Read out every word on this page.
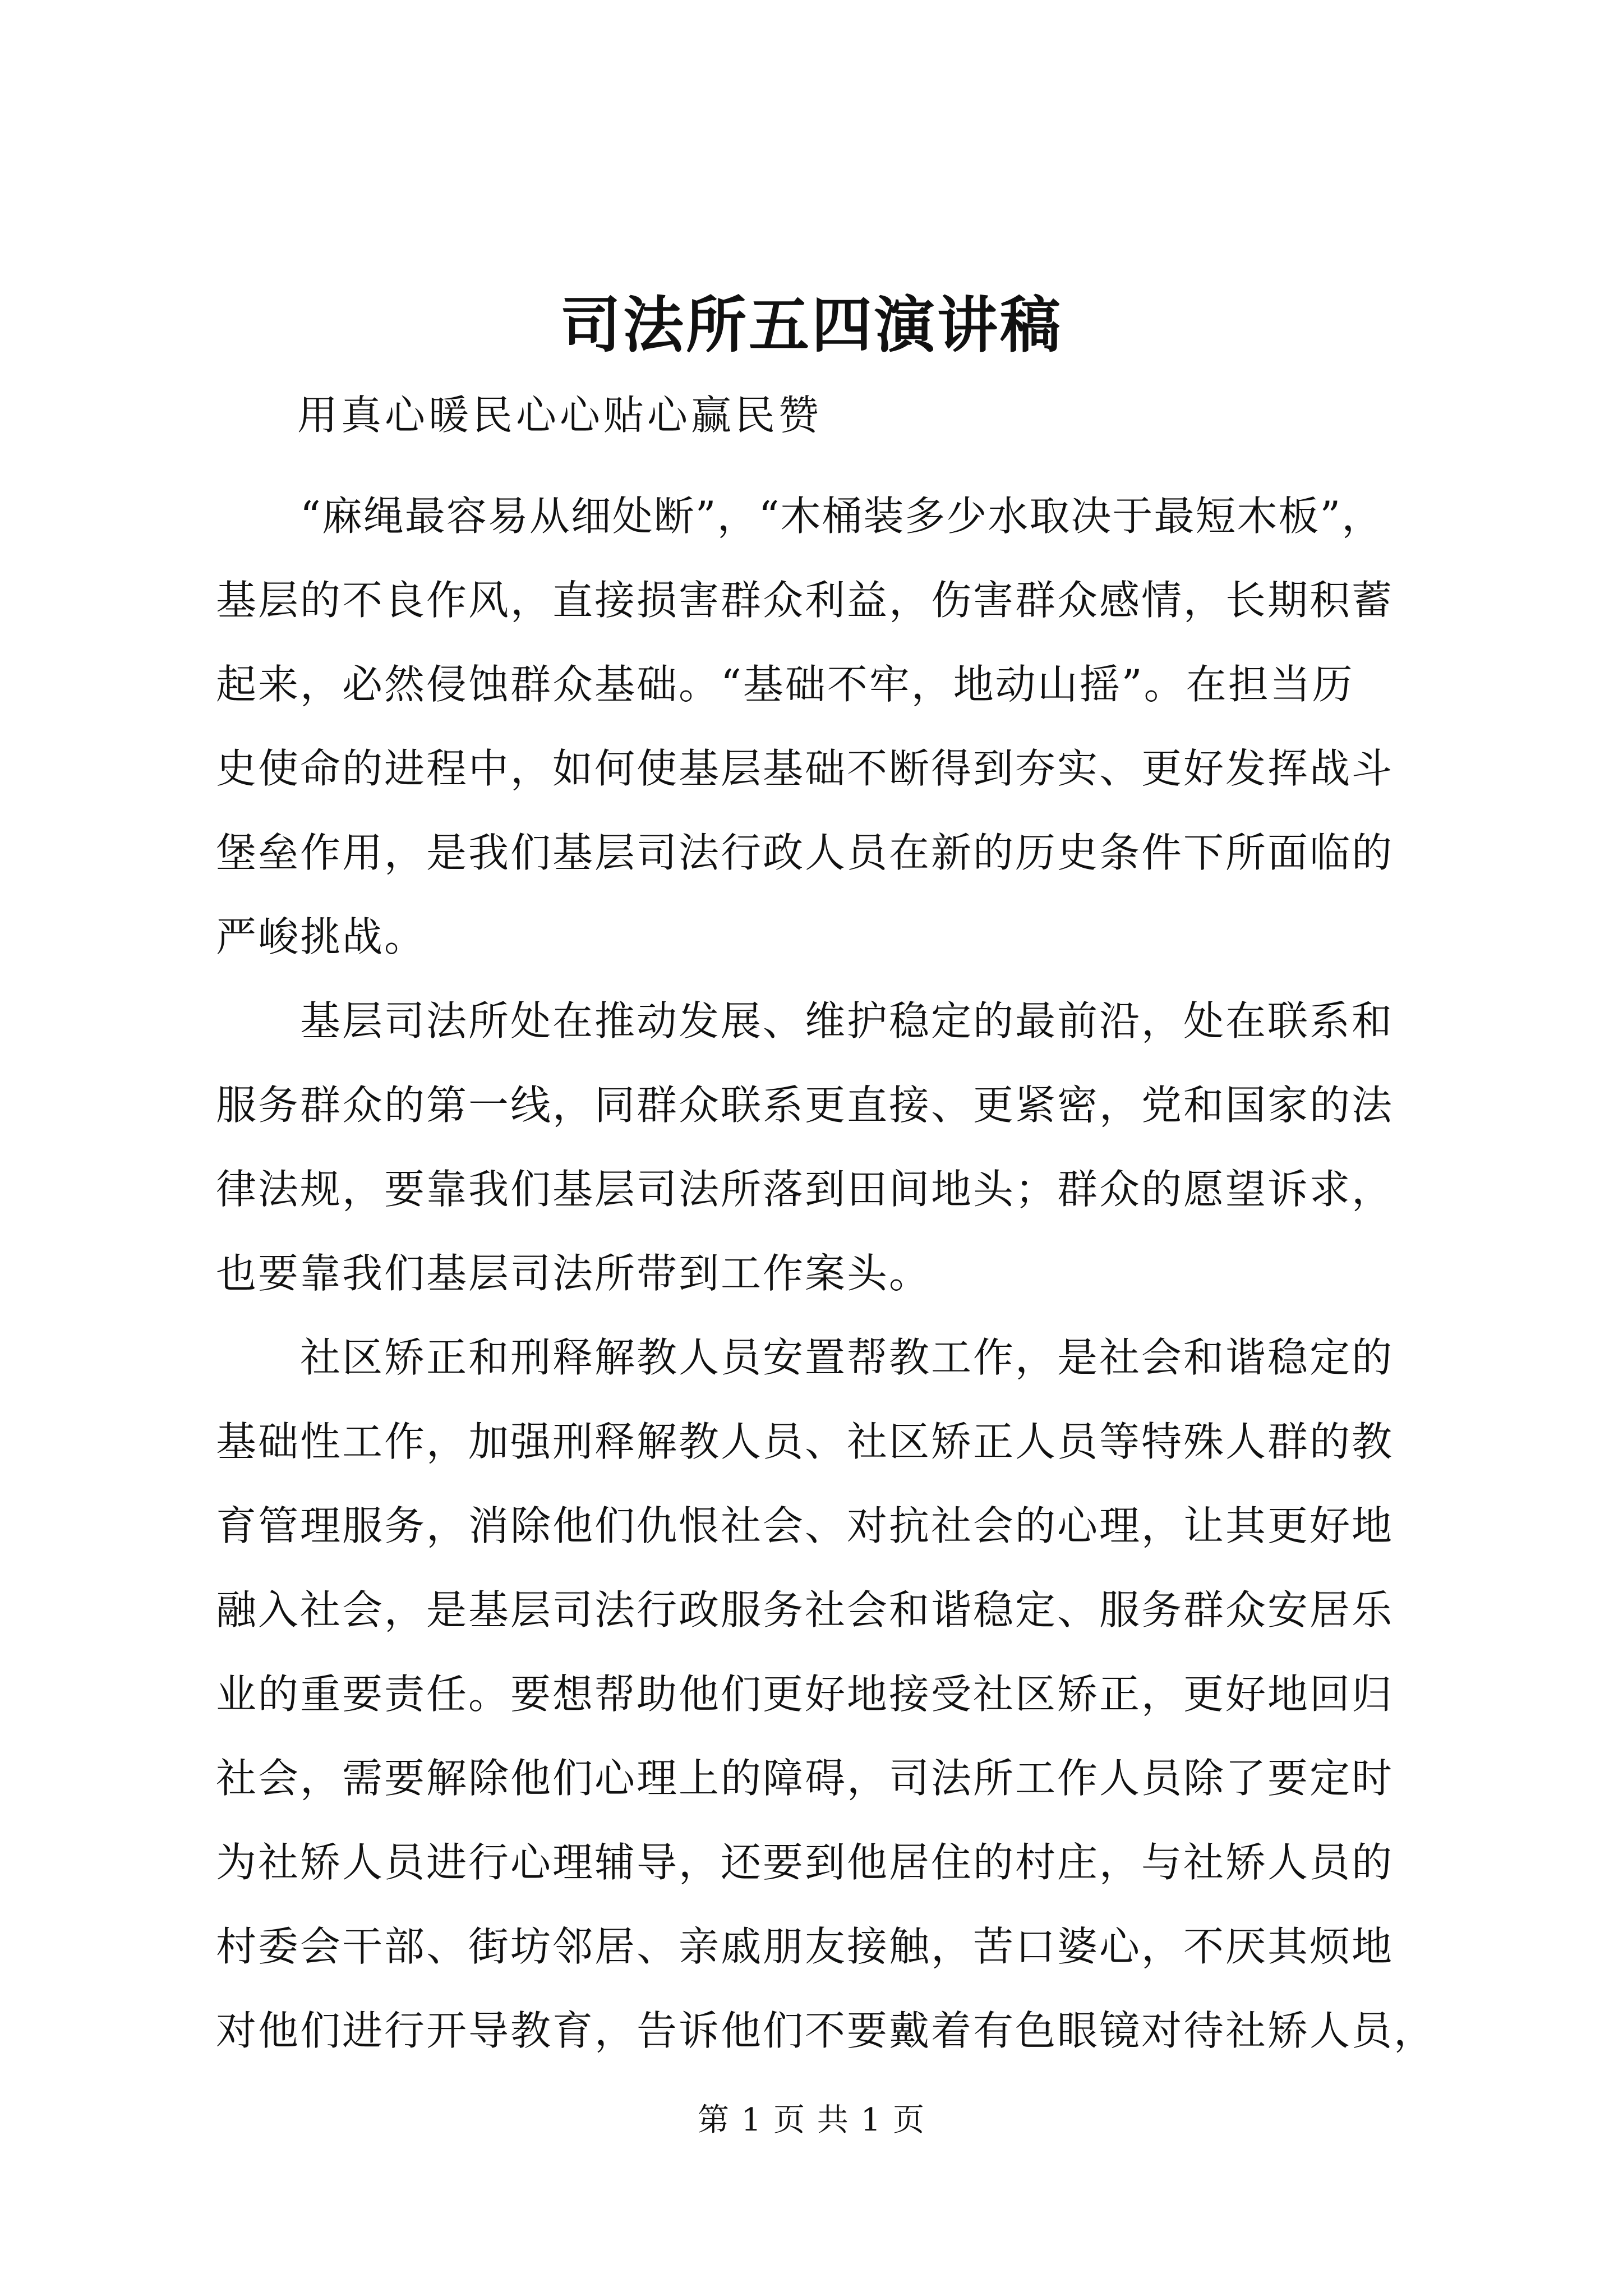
司法所五四演讲稿
用真心暖民心心贴心赢民赞
“麻绳最容易从细处断”，“木桶装多少水取决于最短木板”，
基层的不良作风，直接损害群众利益，伤害群众感情，长期积蓄
起来，必然侵蚀群众基础。“基础不牢，地动山摇”。在担当历
史使命的进程中，如何使基层基础不断得到夯实、更好发挥战斗
堡垒作用，是我们基层司法行政人员在新的历史条件下所面临的
严峻挑战。
基层司法所处在推动发展、维护稳定的最前沿，处在联系和
服务群众的第一线，同群众联系更直接、更紧密，党和国家的法
律法规，要靠我们基层司法所落到田间地头；群众的愿望诉求，
也要靠我们基层司法所带到工作案头。
社区矫正和刑释解教人员安置帮教工作，是社会和谐稳定的
基础性工作，加强刑释解教人员、社区矫正人员等特殊人群的教
育管理服务，消除他们仇恨社会、对抗社会的心理，让其更好地
融入社会，是基层司法行政服务社会和谐稳定、服务群众安居乐
业的重要责任。要想帮助他们更好地接受社区矫正，更好地回归
社会，需要解除他们心理上的障碍，司法所工作人员除了要定时
为社矫人员进行心理辅导，还要到他居住的村庄，与社矫人员的
村委会干部、街坊邻居、亲戚朋友接触，苦口婆心，不厌其烦地
对他们进行开导教育，告诉他们不要戴着有色眼镜对待社矫人员，
第 1 页 共 1 页
